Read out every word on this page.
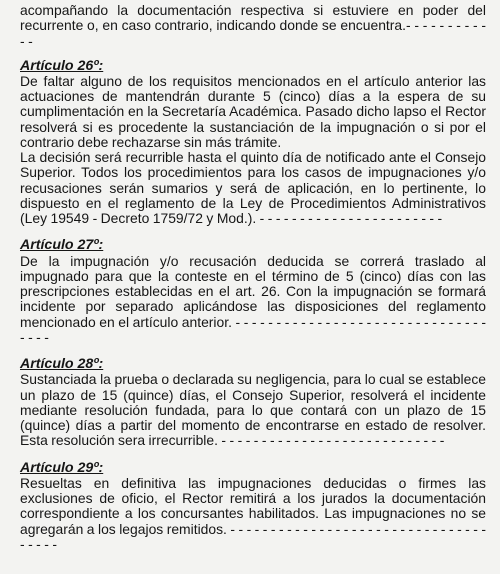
acompañando la documentación respectiva si estuviere en poder del recurrente o, en caso contrario, indicando donde se encuentra.- - - - - - - - - - - -

Artículo 26º:

De faltar alguno de los requisitos mencionados en el artículo anterior las actuaciones de mantendrán durante 5 (cinco) días a la espera de su cumplimentación en la Secretaría Académica. Pasado dicho lapso el Rector resolverá si es procedente la sustanciación de la impugnación o si por el contrario debe rechazarse sin más trámite.

La decisión será recurrible hasta el quinto día de notificado ante el Consejo Superior. Todos los procedimientos para los casos de impugnaciones y/o recusaciones serán sumarios y será de aplicación, en lo pertinente, lo dispuesto en el reglamento de la Ley de Procedimientos Administrativos (Ley 19549 - Decreto 1759/72 y Mod.). - - - - - - - - - - - - - - - - - - - - - - -

Artículo 27º:

De la impugnación y/o recusación deducida se correrá traslado al impugnado para que la conteste en el término de 5 (cinco) días con las prescripciones establecidas en el art. 26. Con la impugnación se formará incidente por separado aplicándose las disposiciones del reglamento mencionado en el artículo anterior. - - - - - - - - - - - - - - - - - - - - - - - - - - - - - - - - - - -

Artículo 28º:

Sustanciada la prueba o declarada su negligencia, para lo cual se establece un plazo de 15 (quince) días, el Consejo Superior, resolverá el incidente mediante resolución fundada, para lo que contará con un plazo de 15 (quince) días a partir del momento de encontrarse en estado de resolver. Esta resolución sera irrecurrible. - - - - - - - - - - - - - - - - - - - - - - - - - - - -

Artículo 29º:

Resueltas en definitiva las impugnaciones deducidas o firmes las exclusiones de oficio, el Rector remitirá a los jurados la documentación correspondiente a los concursantes habilitados. Las impugnaciones no se agregarán a los legajos remitidos. - - - - - - - - - - - - - - - - - - - - - - - - - - - - - - - - - - - - -
